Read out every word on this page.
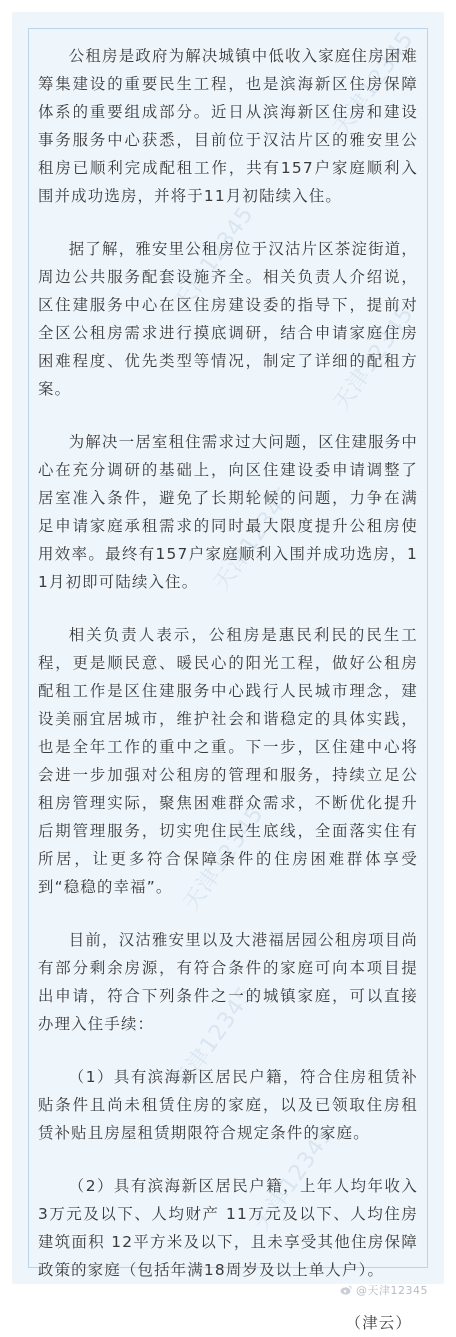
天津12345
天津12345
天津12345
天津12345
天津12345
天津12345
天津12345

公租房是政府为解决城镇中低收入家庭住房困难筹集建设的重要民生工程，也是滨海新区住房保障体系的重要组成部分。近日从滨海新区住房和建设事务服务中心获悉，目前位于汉沽片区的雅安里公租房已顺利完成配租工作，共有157户家庭顺利入围并成功选房，并将于11月初陆续入住。

据了解，雅安里公租房位于汉沽片区茶淀街道，周边公共服务配套设施齐全。相关负责人介绍说，区住建服务中心在区住房建设委的指导下，提前对全区公租房需求进行摸底调研，结合申请家庭住房困难程度、优先类型等情况，制定了详细的配租方案。

为解决一居室租住需求过大问题，区住建服务中心在充分调研的基础上，向区住建设委申请调整了居室准入条件，避免了长期轮候的问题，力争在满足申请家庭承租需求的同时最大限度提升公租房使用效率。最终有157户家庭顺利入围并成功选房，11月初即可陆续入住。

相关负责人表示，公租房是惠民利民的民生工程，更是顺民意、暖民心的阳光工程，做好公租房配租工作是区住建服务中心践行人民城市理念，建设美丽宜居城市，维护社会和谐稳定的具体实践，也是全年工作的重中之重。下一步，区住建中心将会进一步加强对公租房的管理和服务，持续立足公租房管理实际，聚焦困难群众需求，不断优化提升后期管理服务，切实兜住民生底线，全面落实住有所居，让更多符合保障条件的住房困难群体享受到“稳稳的幸福”。

目前，汉沽雅安里以及大港福居园公租房项目尚有部分剩余房源，有符合条件的家庭可向本项目提出申请，符合下列条件之一的城镇家庭，可以直接办理入住手续：

（1）具有滨海新区居民户籍，符合住房租赁补贴条件且尚未租赁住房的家庭，以及已领取住房租赁补贴且房屋租赁期限符合规定条件的家庭。

（2）具有滨海新区居民户籍，上年人均年收入3万元及以下、人均财产 11万元及以下、人均住房建筑面积 12平方米及以下，且未享受其他住房保障政策的家庭（包括年满18周岁及以上单人户）。

（津云）
@天津12345
